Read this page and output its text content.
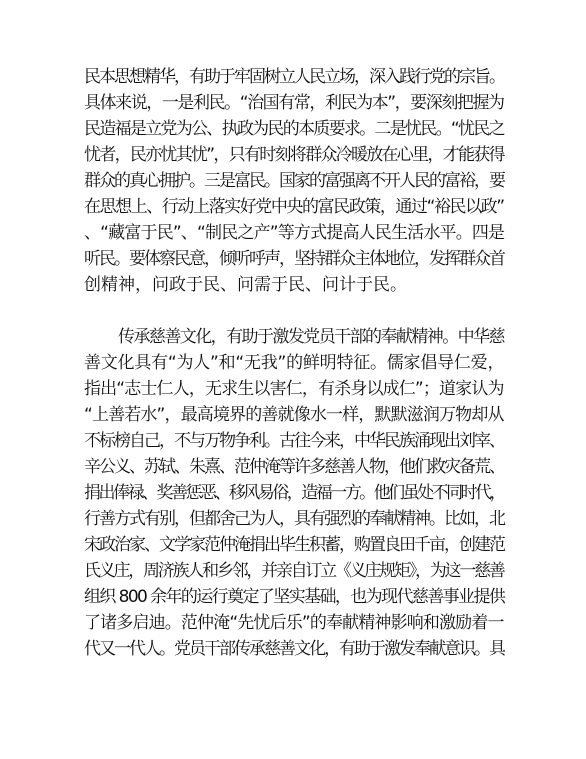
民本思想精华，有助于牢固树立人民立场，深入践行党的宗旨。
具体来说，一是利民。“治国有常，利民为本”，要深刻把握为
民造福是立党为公、执政为民的本质要求。二是忧民。“忧民之
忧者，民亦忧其忧”，只有时刻将群众冷暖放在心里，才能获得
群众的真心拥护。三是富民。国家的富强离不开人民的富裕，要
在思想上、行动上落实好党中央的富民政策，通过“裕民以政”
、“藏富于民”、“制民之产”等方式提高人民生活水平。四是
听民。要体察民意，倾听呼声，坚持群众主体地位，发挥群众首
创精神，问政于民、问需于民、问计于民。
传承慈善文化，有助于激发党员干部的奉献精神。中华慈
善文化具有“为人”和“无我”的鲜明特征。儒家倡导仁爱，
指出“志士仁人，无求生以害仁，有杀身以成仁”；道家认为
“上善若水”，最高境界的善就像水一样，默默滋润万物却从
不标榜自己，不与万物争利。古往今来，中华民族涌现出刘宰、
辛公义、苏轼、朱熹、范仲淹等许多慈善人物，他们救灾备荒、
捐出俸禄、奖善惩恶、移风易俗，造福一方。他们虽处不同时代，
行善方式有别，但都舍己为人，具有强烈的奉献精神。比如，北
宋政治家、文学家范仲淹捐出毕生积蓄，购置良田千亩，创建范
氏义庄，周济族人和乡邻，并亲自订立《义庄规矩》，为这一慈善
组织 800 余年的运行奠定了坚实基础，也为现代慈善事业提供
了诸多启迪。范仲淹“先忧后乐”的奉献精神影响和激励着一
代又一代人。党员干部传承慈善文化，有助于激发奉献意识。具
